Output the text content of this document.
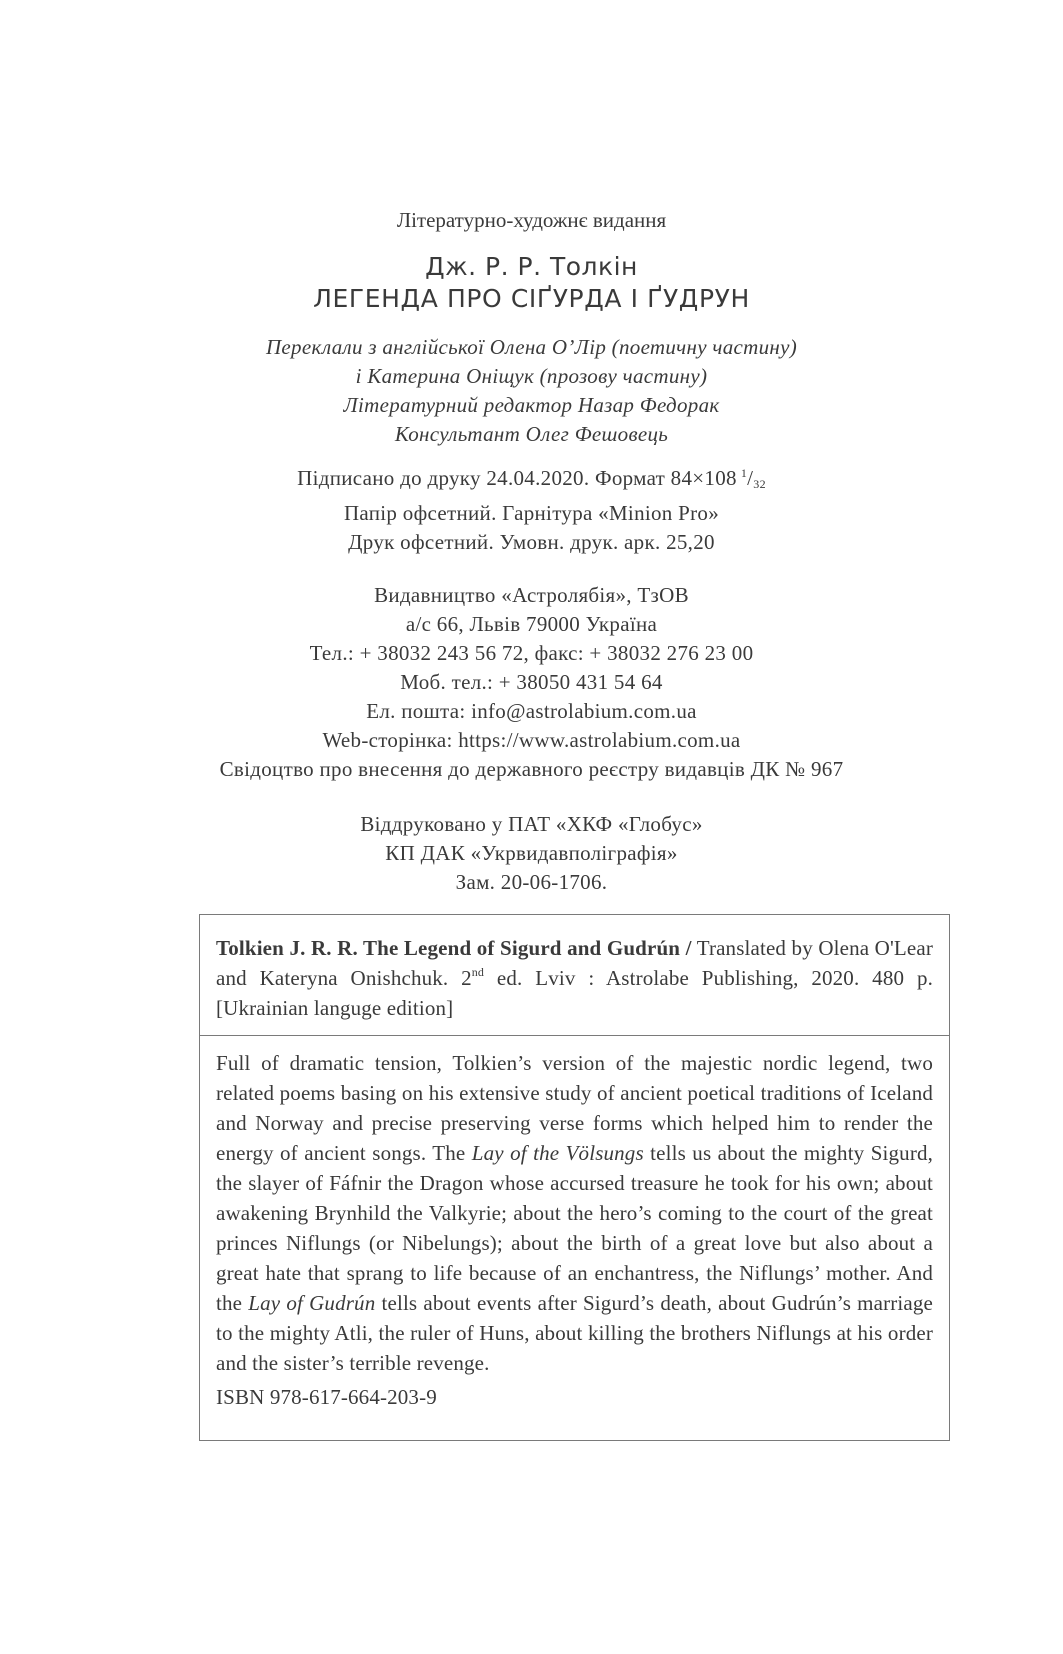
Літературно-художнє видання
Дж. Р. Р. Толкін
ЛЕГЕНДА ПРО СІҐУРДА І ҐУДРУН
Переклали з англійської Олена О’Лір (поетичну частину)
і Катерина Оніщук (прозову частину)
Літературний редактор Назар Федорак
Консультант Олег Фешовець
Підписано до друку 24.04.2020. Формат 84×108 $^1$/32
Папір офсетний. Гарнітура «Minion Pro»
Друк офсетний. Умовн. друк. арк. 25,20
Видавництво «Астролябія», ТзОВ
а/с 66, Львів 79000 Україна
Тел.: + 38032 243 56 72, факс: + 38032 276 23 00
Моб. тел.: + 38050 431 54 64
Ел. пошта: info@astrolabium.com.ua
Web-сторінка: https://www.astrolabium.com.ua
Свідоцтво про внесення до державного реєстру видавців ДК № 967
Віддруковано у ПАТ «ХКФ «Глобус»
КП ДАК «Укрвидавполіграфія»
Зам. 20-06-1706.
Tolkien J. R. R. The Legend of Sigurd and Gudrún / Translated by Olena O'Lear and Kateryna Onishchuk. 2nd ed. Lviv : Astrolabe Publishing, 2020. 480 p. [Ukrainian languge edition]
Full of dramatic tension, Tolkien’s version of the majestic nordic legend, two related poems basing on his extensive study of ancient poetical traditions of Iceland and Norway and precise preserving verse forms which helped him to render the energy of ancient songs. The Lay of the Völsungs tells us about the mighty Sigurd, the slayer of Fáfnir the Dragon whose accursed treasure he took for his own; about awakening Brynhild the Valkyrie; about the hero’s coming to the court of the great princes Niflungs (or Nibelungs); about the birth of a great love but also about a great hate that sprang to life because of an enchantress, the Niflungs’ mother. And the Lay of Gudrún tells about events after Sigurd’s death, about Gudrún’s marriage to the mighty Atli, the ruler of Huns, about killing the brothers Niflungs at his order and the sister’s terrible revenge.
ISBN 978-617-664-203-9
